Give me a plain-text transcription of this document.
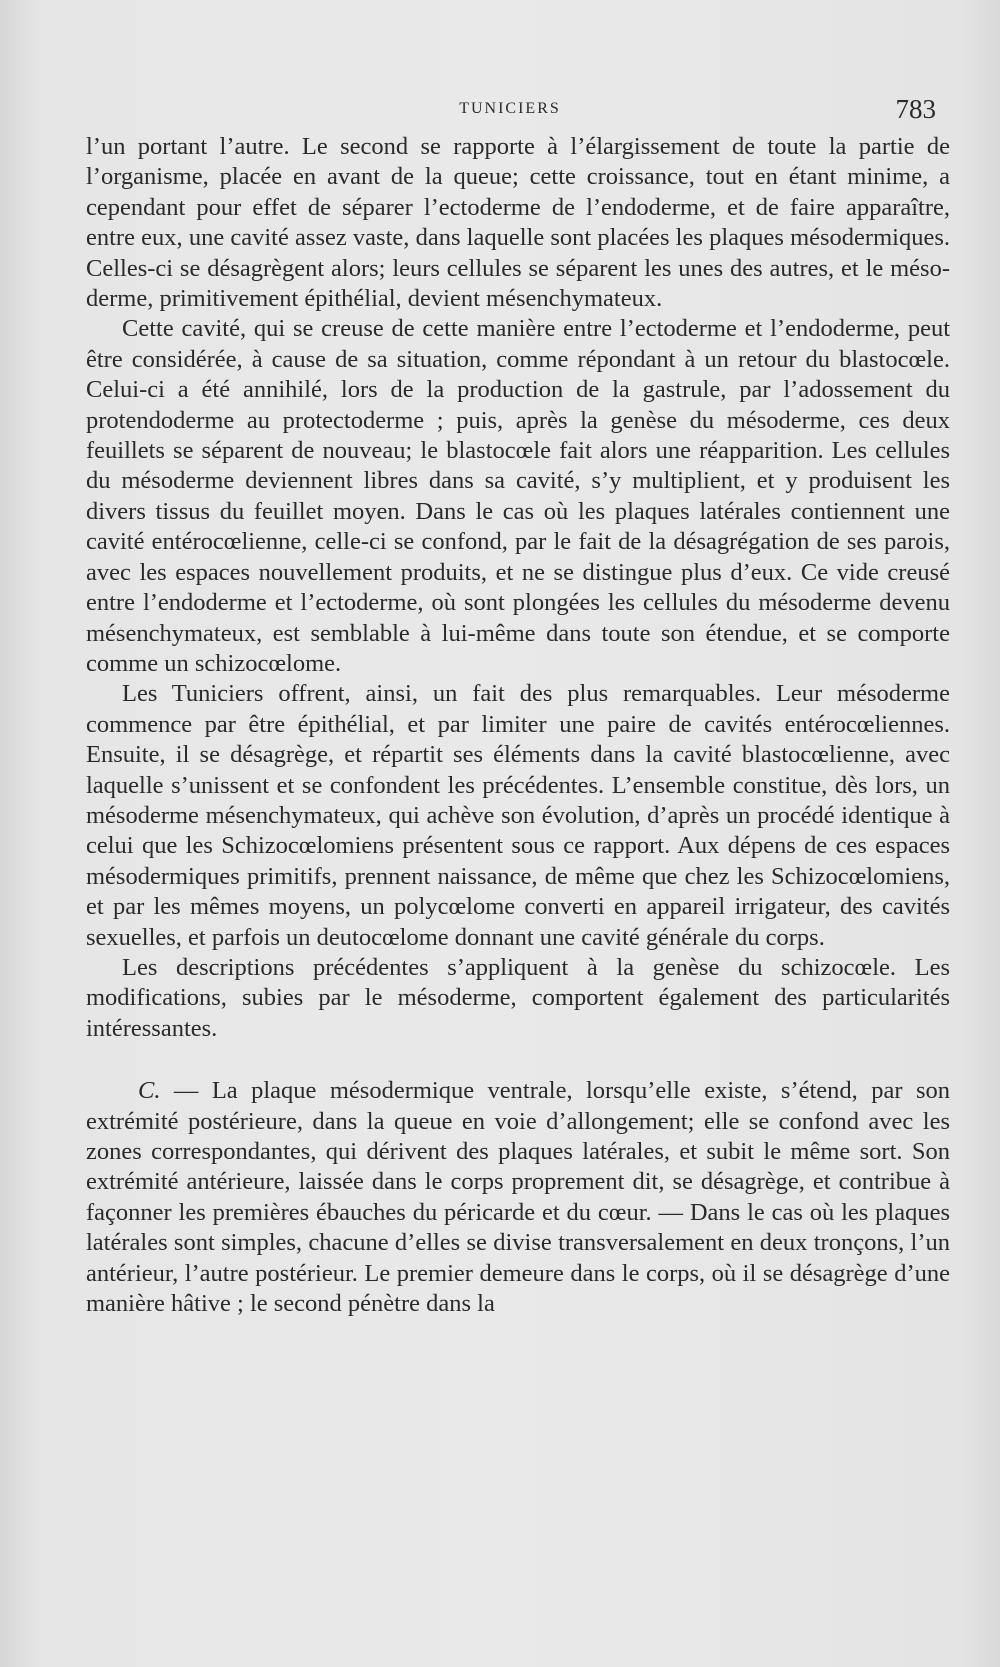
TUNICIERS	783

l’un portant l’autre. Le second se rapporte à l’élargissement de toute la partie de l’organisme, placée en avant de la queue; cette croissance, tout en étant minime, a cependant pour effet de séparer l’ectoderme de l’endoderme, et de faire apparaître, entre eux, une cavité assez vaste, dans laquelle sont placées les plaques mésodermiques. Celles-ci se désagrègent alors; leurs cellules se séparent les unes des autres, et le mésoderme, primitivement épithélial, devient mésenchymateux.

Cette cavité, qui se creuse de cette manière entre l’ectoderme et l’endoderme, peut être considérée, à cause de sa situation, comme répondant à un retour du blastocœle. Celui-ci a été annihilé, lors de la production de la gastrule, par l’adossement du protendoderme au protectoderme ; puis, après la genèse du mésoderme, ces deux feuillets se séparent de nouveau; le blastocœle fait alors une réapparition. Les cellules du mésoderme deviennent libres dans sa cavité, s’y multiplient, et y produisent les divers tissus du feuillet moyen. Dans le cas où les plaques latérales contiennent une cavité entérocœlienne, celle-ci se confond, par le fait de la désagrégation de ses parois, avec les espaces nouvellement produits, et ne se distingue plus d’eux. Ce vide creusé entre l’endoderme et l’ectoderme, où sont plongées les cellules du mésoderme devenu mésenchymateux, est semblable à lui-même dans toute son étendue, et se comporte comme un schizocœlome.

Les Tuniciers offrent, ainsi, un fait des plus remarquables. Leur mésoderme commence par être épithélial, et par limiter une paire de cavités entérocœliennes. Ensuite, il se désagrège, et répartit ses éléments dans la cavité blastocœlienne, avec laquelle s’unissent et se confondent les précédentes. L’ensemble constitue, dès lors, un mésoderme mésenchymateux, qui achève son évolution, d’après un procédé identique à celui que les Schizocœlomiens présentent sous ce rapport. Aux dépens de ces espaces mésodermiques primitifs, prennent naissance, de même que chez les Schizocœlomiens, et par les mêmes moyens, un polycœlome converti en appareil irrigateur, des cavités sexuelles, et parfois un deutocœlome donnant une cavité générale du corps.

Les descriptions précédentes s’appliquent à la genèse du schizocœle. Les modifications, subies par le mésoderme, comportent également des particularités intéressantes.

C. — La plaque mésodermique ventrale, lorsqu’elle existe, s’étend, par son extrémité postérieure, dans la queue en voie d’allongement; elle se confond avec les zones correspondantes, qui dérivent des plaques latérales, et subit le même sort. Son extrémité antérieure, laissée dans le corps proprement dit, se désagrège, et contribue à façonner les premières ébauches du péricarde et du cœur. — Dans le cas où les plaques latérales sont simples, chacune d’elles se divise transversalement en deux tronçons, l’un antérieur, l’autre postérieur. Le premier demeure dans le corps, où il se désagrège d’une manière hâtive ; le second pénètre dans la
